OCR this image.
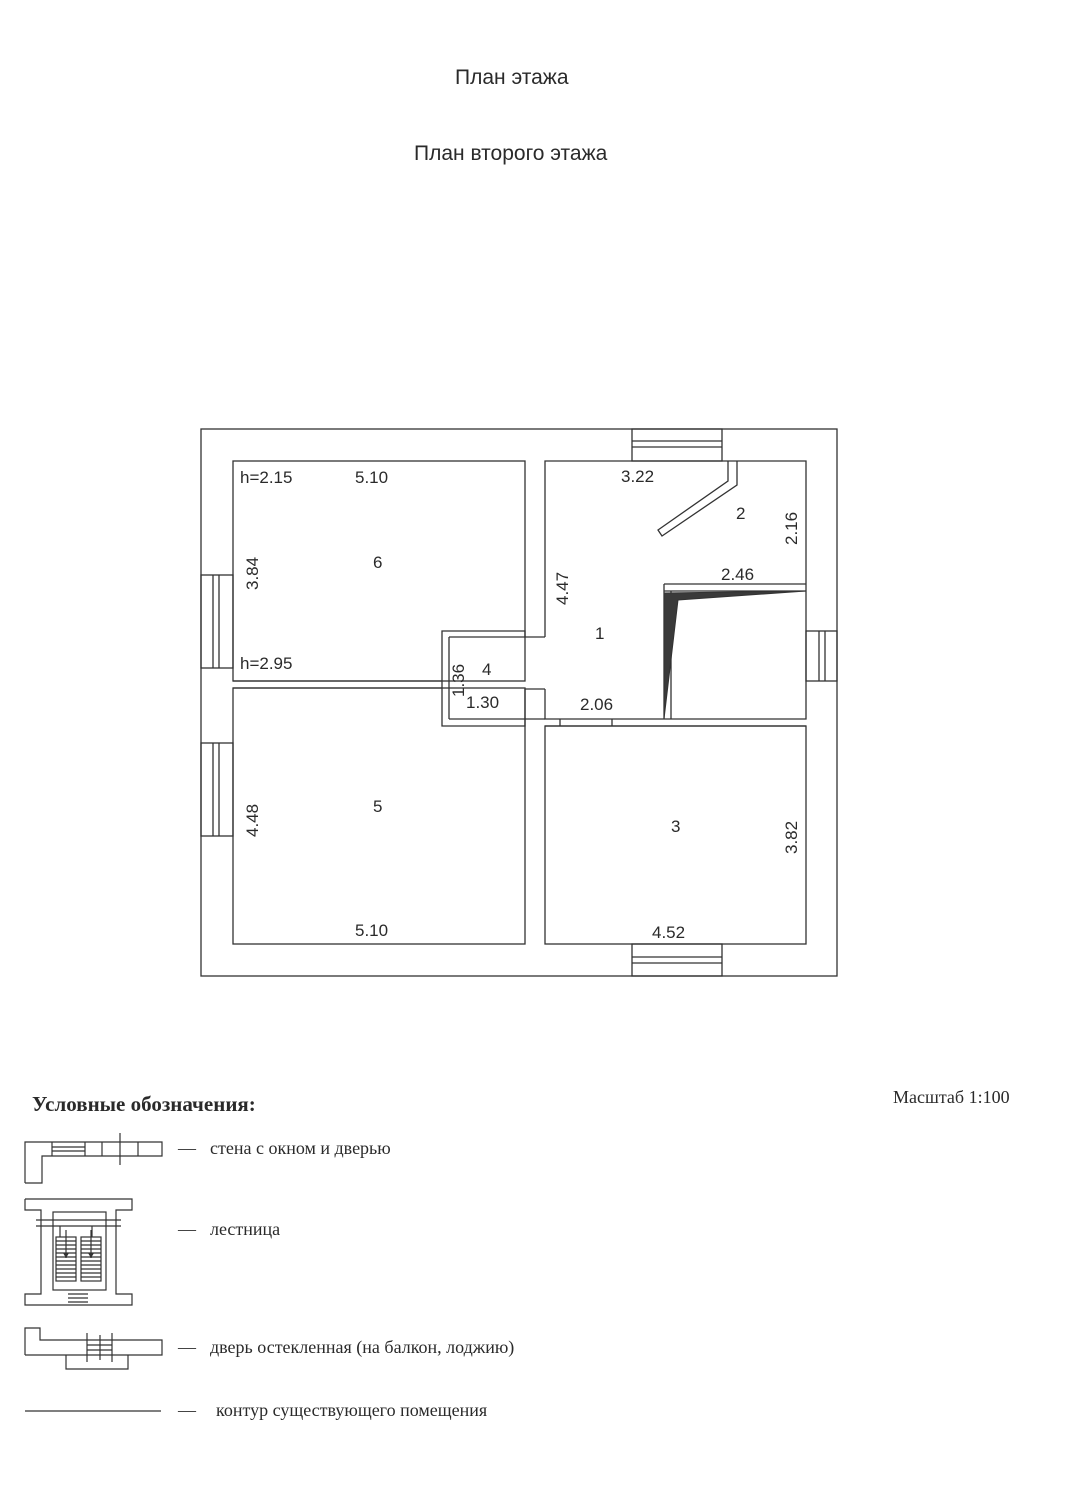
План этажа
План второго этажа
1
2
3
4
5
6
h=2.15
h=2.95
5.10
5.10
3.22
2.46
2.06
1.30
4.52
3.84
4.48
4.47
2.16
3.82
1.36
Условные обозначения:	Масштаб 1:100
— стена с окном и дверью
— лестница
— дверь остекленная (на балкон, лоджию)
— контур существующего помещения
